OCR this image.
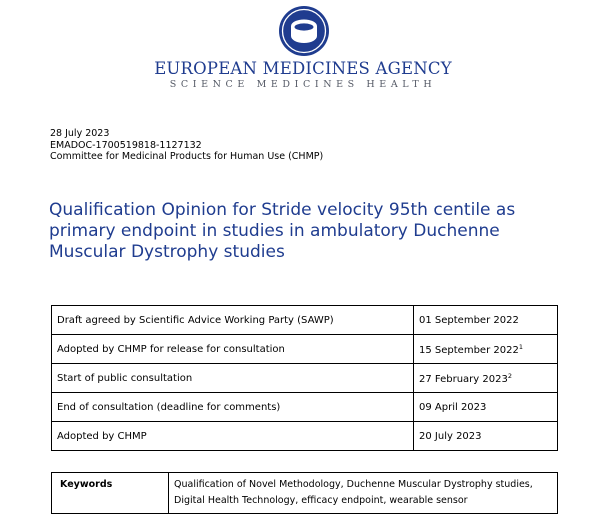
EUROPEAN MEDICINES AGENCY
SCIENCE MEDICINES HEALTH
28 July 2023
EMADOC-1700519818-1127132
Committee for Medicinal Products for Human Use (CHMP)
Qualification Opinion for Stride velocity 95th centile as primary endpoint in studies in ambulatory Duchenne Muscular Dystrophy studies
Draft agreed by Scientific Advice Working Party (SAWP)	01 September 2022
Adopted by CHMP for release for consultation	15 September 2022$^1$
Start of public consultation	27 February 2023$^2$
End of consultation (deadline for comments)	09 April 2023
Adopted by CHMP	20 July 2023
Keywords	Qualification of Novel Methodology, Duchenne Muscular Dystrophy studies, Digital Health Technology, efficacy endpoint, wearable sensor
